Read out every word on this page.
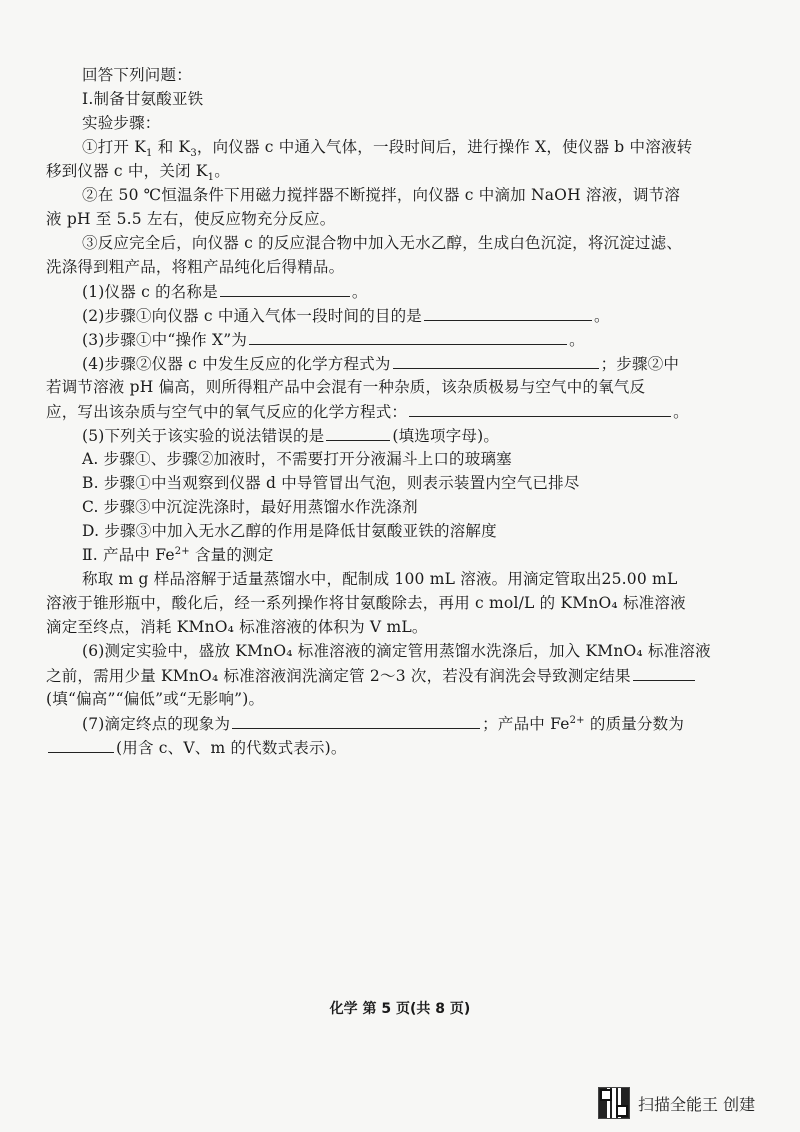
回答下列问题：
Ⅰ.制备甘氨酸亚铁
实验步骤：
①打开 $K_1$ 和 $K_3$，向仪器 c 中通入气体，一段时间后，进行操作 X，使仪器 b 中溶液转
移到仪器 c 中，关闭 $K_1$。
②在 50 ℃恒温条件下用磁力搅拌器不断搅拌，向仪器 c 中滴加 NaOH 溶液，调节溶
液 pH 至 5.5 左右，使反应物充分反应。
③反应完全后，向仪器 c 的反应混合物中加入无水乙醇，生成白色沉淀，将沉淀过滤、
洗涤得到粗产品，将粗产品纯化后得精品。
(1)仪器 c 的名称是	。
(2)步骤①向仪器 c 中通入气体一段时间的目的是	。
(3)步骤①中“操作 X”为	。
(4)步骤②仪器 c 中发生反应的化学方程式为	；步骤②中
若调节溶液 pH 偏高，则所得粗产品中会混有一种杂质，该杂质极易与空气中的氧气反
应，写出该杂质与空气中的氧气反应的化学方程式：	。
(5)下列关于该实验的说法错误的是	(填选项字母)。
A. 步骤①、步骤②加液时，不需要打开分液漏斗上口的玻璃塞
B. 步骤①中当观察到仪器 d 中导管冒出气泡，则表示装置内空气已排尽
C. 步骤③中沉淀洗涤时，最好用蒸馏水作洗涤剂
D. 步骤③中加入无水乙醇的作用是降低甘氨酸亚铁的溶解度
Ⅱ. 产品中 $Fe^{2+}$ 含量的测定
称取 m g 样品溶解于适量蒸馏水中，配制成 100 mL 溶液。用滴定管取出25.00 mL
溶液于锥形瓶中，酸化后，经一系列操作将甘氨酸除去，再用 c mol/L 的 KMnO₄ 标准溶液
滴定至终点，消耗 KMnO₄ 标准溶液的体积为 V mL。
(6)测定实验中，盛放 KMnO₄ 标准溶液的滴定管用蒸馏水洗涤后，加入 KMnO₄ 标准溶液
之前，需用少量 KMnO₄ 标准溶液润洗滴定管 2～3 次，若没有润洗会导致测定结果
(填“偏高”“偏低”或“无影响”)。
(7)滴定终点的现象为	；产品中 $Fe^{2+}$ 的质量分数为
(用含 c、V、m 的代数式表示)。
化学 第 5 页(共 8 页)
扫描全能王 创建
